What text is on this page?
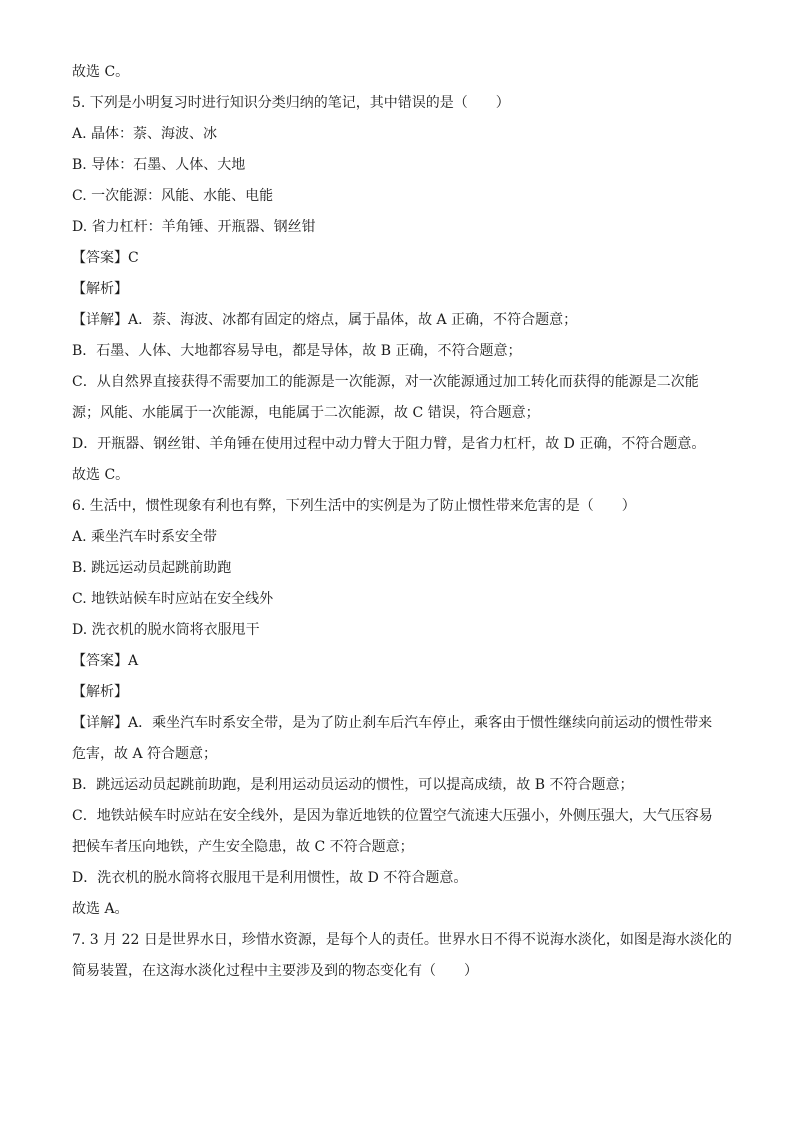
故选 C。
5. 下列是小明复习时进行知识分类归纳的笔记，其中错误的是（　　）
A. 晶体：萘、海波、冰
B. 导体：石墨、人体、大地
C. 一次能源：风能、水能、电能
D. 省力杠杆：羊角锤、开瓶器、钢丝钳
【答案】C
【解析】
【详解】A．萘、海波、冰都有固定的熔点，属于晶体，故 A 正确，不符合题意；
B．石墨、人体、大地都容易导电，都是导体，故 B 正确，不符合题意；
C．从自然界直接获得不需要加工的能源是一次能源，对一次能源通过加工转化而获得的能源是二次能
源；风能、水能属于一次能源，电能属于二次能源，故 C 错误，符合题意；
D．开瓶器、钢丝钳、羊角锤在使用过程中动力臂大于阻力臂，是省力杠杆，故 D 正确，不符合题意。
故选 C。
6. 生活中，惯性现象有利也有弊，下列生活中的实例是为了防止惯性带来危害的是（　　）
A. 乘坐汽车时系安全带
B. 跳远运动员起跳前助跑
C. 地铁站候车时应站在安全线外
D. 洗衣机的脱水筒将衣服甩干
【答案】A
【解析】
【详解】A．乘坐汽车时系安全带，是为了防止刹车后汽车停止，乘客由于惯性继续向前运动的惯性带来
危害，故 A 符合题意；
B．跳远运动员起跳前助跑，是利用运动员运动的惯性，可以提高成绩，故 B 不符合题意；
C．地铁站候车时应站在安全线外，是因为靠近地铁的位置空气流速大压强小，外侧压强大，大气压容易
把候车者压向地铁，产生安全隐患，故 C 不符合题意；
D．洗衣机的脱水筒将衣服甩干是利用惯性，故 D 不符合题意。
故选 A。
7. 3 月 22 日是世界水日，珍惜水资源，是每个人的责任。世界水日不得不说海水淡化，如图是海水淡化的
简易装置，在这海水淡化过程中主要涉及到的物态变化有（　　）
